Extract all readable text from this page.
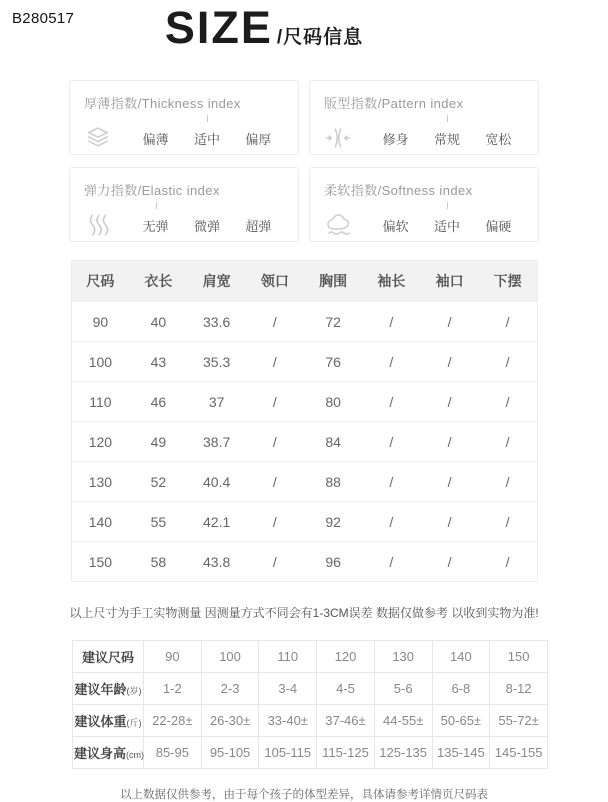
B280517	SIZE /尺码信息
厚薄指数/Thickness index
偏薄	适中	偏厚
版型指数/Pattern index
修身	常规	宽松
弹力指数/Elastic index
无弹	微弹	超弹
柔软指数/Softness index
偏软	适中	偏硬
尺码	衣长	肩宽	领口	胸围	袖长	袖口	下摆
90	40	33.6	/	72	/	/	/
100	43	35.3	/	76	/	/	/
110	46	37	/	80	/	/	/
120	49	38.7	/	84	/	/	/
130	52	40.4	/	88	/	/	/
140	55	42.1	/	92	/	/	/
150	58	43.8	/	96	/	/	/
以上尺寸为手工实物测量 因测量方式不同会有1-3CM误差 数据仅做参考 以收到实物为准!
建议尺码	90	100	110	120	130	140	150
建议年龄(岁)	1-2	2-3	3-4	4-5	5-6	6-8	8-12
建议体重(斤)	22-28±	26-30±	33-40±	37-46±	44-55±	50-65±	55-72±
建议身高(cm)	85-95	95-105	105-115	115-125	125-135	135-145	145-155
以上数据仅供参考，由于每个孩子的体型差异，具体请参考详情页尺码表
